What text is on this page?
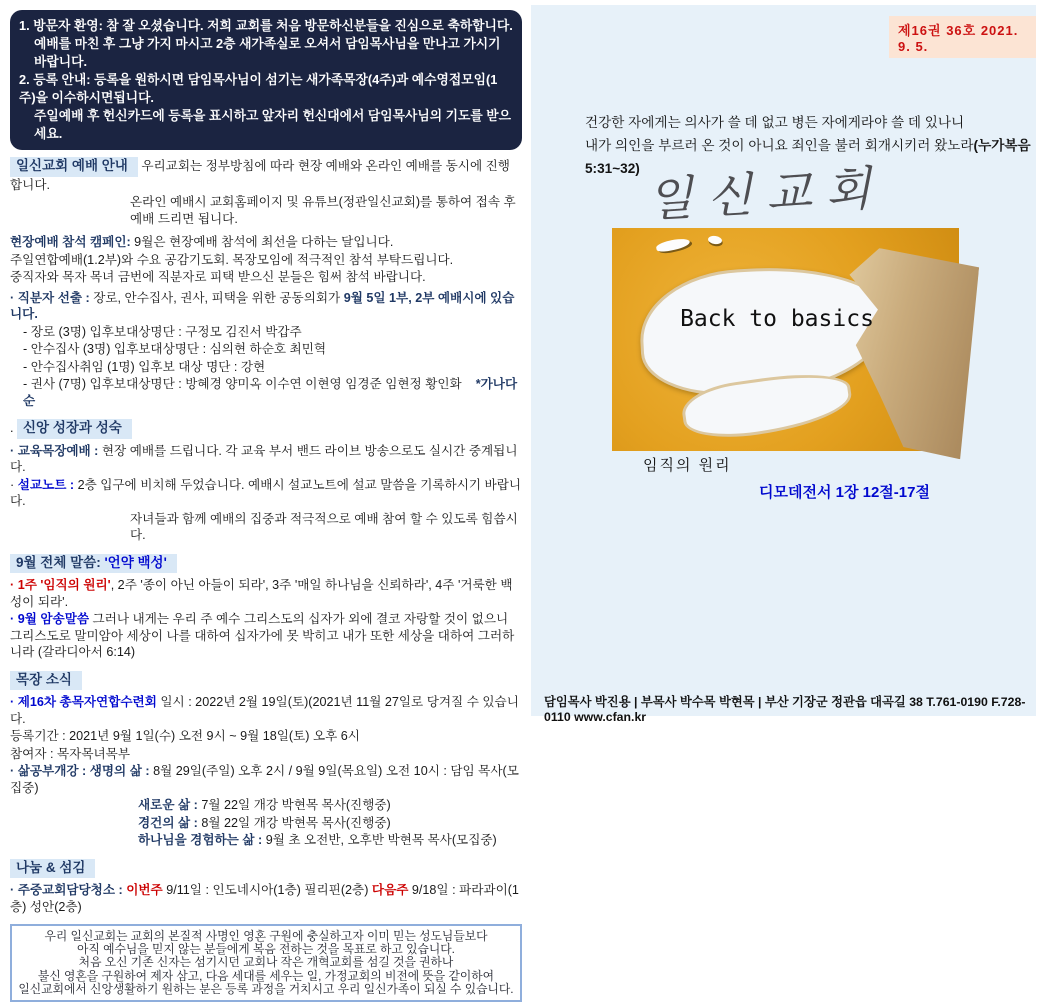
1. 방문자 환영: 참 잘 오셨습니다. 저희 교회를 처음 방문하신분들을 진심으로 축하합니다.
예배를 마친 후 그냥 가지 마시고 2층 새가족실로 오셔서 담임목사님을 만나고 가시기 바랍니다.
2. 등록 안내: 등록을 원하시면 담임목사님이 섬기는 새가족목장(4주)과 예수영접모임(1주)을 이수하시면됩니다.
주일예배 후 헌신카드에 등록을 표시하고 앞자리 헌신대에서 담임목사님의 기도를 받으세요.
일신교회 예배 안내 우리교회는 정부방침에 따라 현장 예배와 온라인 예배를 동시에 진행합니다.
온라인 예배시 교회홈페이지 및 유튜브(정관일신교회)를 통하여 접속 후 예배 드리면 됩니다.
현장예배 참석 캠페인: 9월은 현장예배 참석에 최선을 다하는 달입니다.
주일연합예배(1.2부)와 수요 공감기도회. 목장모임에 적극적인 참석 부탁드립니다.
중직자와 목자 목녀 금번에 직분자로 피택 받으신 분들은 힘써 참석 바랍니다.
· 직분자 선출 : 장로, 안수집사, 권사, 피택을 위한 공동의회가 9월 5일 1부, 2부 예배시에 있습니다.
- 장로 (3명) 입후보대상명단 : 구정모 김진서 박갑주
- 안수집사 (3명) 입후보대상명단 : 심의현 하순호 최민혁
- 안수집사취임 (1명) 입후보 대상 명단 : 강현
- 권사 (7명) 입후보대상명단 : 방혜경 양미옥 이수연 이현영 임경준 임현정 황인화 *가나다 순
. 신앙 성장과 성숙
· 교육목장예배 : 현장 예배를 드립니다. 각 교육 부서 밴드 라이브 방송으로도 실시간 중계됩니다.
· 설교노트 : 2층 입구에 비치해 두었습니다. 예배시 설교노트에 설교 말씀을 기록하시기 바랍니다.
자녀들과 함께 예배의 집중과 적극적으로 예배 참여 할 수 있도록 힘씁시다.
9월 전체 말씀: '언약 백성'
· 1주 '임직의 원리', 2주 '종이 아닌 아들이 되라', 3주 '매일 하나님을 신뢰하라', 4주 '거룩한 백성이 되라'.
· 9월 암송말씀 그러나 내게는 우리 주 예수 그리스도의 십자가 외에 결코 자랑할 것이 없으니 그리스도로 말미암아 세상이 나를 대하여 십자가에 못 박히고 내가 또한 세상을 대하여 그러하니라 (갈라디아서 6:14)
목장 소식
· 제16차 총목자연합수련회 일시 : 2022년 2월 19일(토)(2021년 11월 27일로 당겨질 수 있습니다.
등록기간 : 2021년 9월 1일(수) 오전 9시 ~ 9월 18일(토) 오후 6시
참여자 : 목자목녀목부
· 삶공부개강 : 생명의 삶 : 8월 29일(주일) 오후 2시 / 9월 9일(목요일) 오전 10시 : 담임 목사(모집중)
새로운 삶 : 7월 22일 개강 박현목 목사(진행중)
경건의 삶 : 8월 22일 개강 박현목 목사(진행중)
하나님을 경험하는 삶 : 9월 초 오전반, 오후반 박현목 목사(모집중)
나눔 & 섬김
· 주중교회담당청소 : 이번주 9/11일 : 인도네시아(1층) 필리핀(2층) 다음주 9/18일 : 파라과이(1층) 성안(2층)
우리 일신교회는 교회의 본질적 사명인 영혼 구원에 충실하고자 이미 믿는 성도님들보다
아직 예수님을 믿지 않는 분들에게 복음 전하는 것을 목표로 하고 있습니다.
처음 오신 기존 신자는 섬기시던 교회나 작은 개혁교회를 섬길 것을 권하나
불신 영혼을 구원하여 제자 삼고, 다음 세대를 세우는 일, 가정교회의 비전에 뜻을 같이하여
일신교회에서 신앙생활하기 원하는 분은 등록 과정을 거치시고 우리 일신가족이 되실 수 있습니다.
제16권 36호 2021. 9. 5.
건강한 자에게는 의사가 쓸 데 없고 병든 자에게라야 쓸 데 있나니
내가 의인을 부르러 온 것이 아니요 죄인을 불러 회개시키러 왔노라(누가복음 5:31~32) 일신교회
Back to basics
임직의 원리
디모데전서 1장 12절-17절
담임목사 박진용 | 부목사 박수목 박현목 | 부산 기장군 정관읍 대곡길 38 T.761-0190 F.728-0110 www.cfan.kr
